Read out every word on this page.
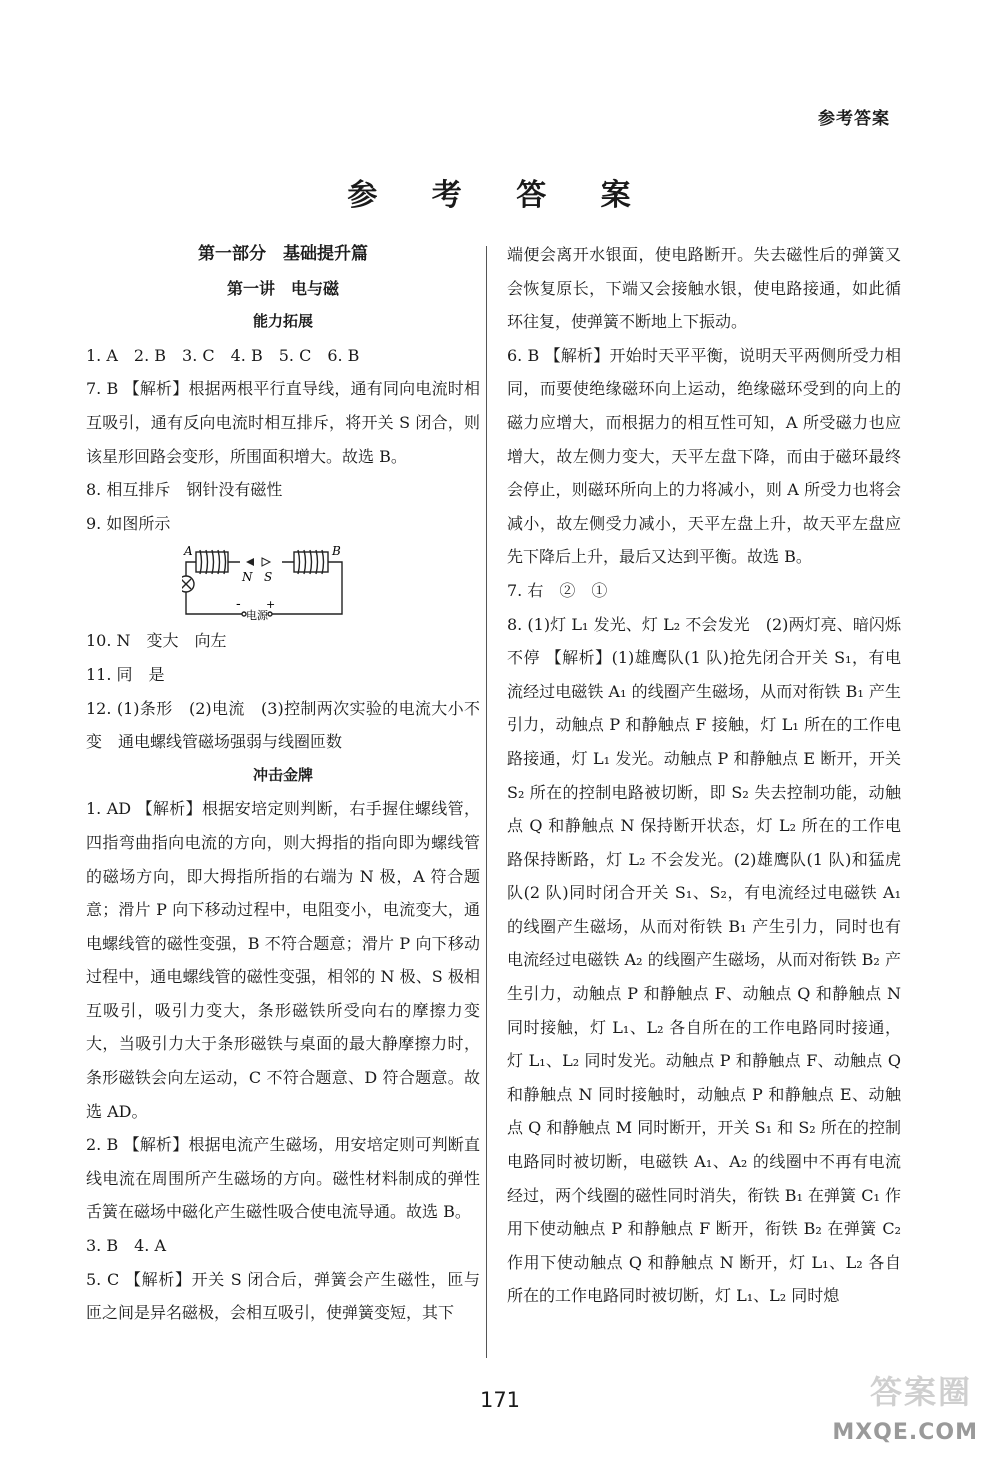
参考答案
参 考 答 案

第一部分　基础提升篇

第一讲　电与磁

能力拓展

1. A　2. B　3. C　4. B　5. C　6. B

7. B 【解析】根据两根平行直导线，通有同向电流时相互吸引，通有反向电流时相互排斥，将开关 S 闭合，则该星形回路会变形，所围面积增大。故选 B。

8. 相互排斥　钢针没有磁性

9. 如图所示

N S
A	B
- +
电源

10. N　变大　向左

11. 同　是

12. (1)条形　(2)电流　(3)控制两次实验的电流大小不变　通电螺线管磁场强弱与线圈匝数

冲击金牌

1. AD 【解析】根据安培定则判断，右手握住螺线管，四指弯曲指向电流的方向，则大拇指的指向即为螺线管的磁场方向，即大拇指所指的右端为 N 极，A 符合题意；滑片 P 向下移动过程中，电阻变小，电流变大，通电螺线管的磁性变强，B 不符合题意；滑片 P 向下移动过程中，通电螺线管的磁性变强，相邻的 N 极、S 极相互吸引，吸引力变大，条形磁铁所受向右的摩擦力变大，当吸引力大于条形磁铁与桌面的最大静摩擦力时，条形磁铁会向左运动，C 不符合题意、D 符合题意。故选 AD。

2. B 【解析】根据电流产生磁场，用安培定则可判断直线电流在周围所产生磁场的方向。磁性材料制成的弹性舌簧在磁场中磁化产生磁性吸合使电流导通。故选 B。

3. B　4. A

5. C 【解析】开关 S 闭合后，弹簧会产生磁性，匝与匝之间是异名磁极，会相互吸引，使弹簧变短，其下

端便会离开水银面，使电路断开。失去磁性后的弹簧又会恢复原长，下端又会接触水银，使电路接通，如此循环往复，使弹簧不断地上下振动。

6. B 【解析】开始时天平平衡，说明天平两侧所受力相同，而要使绝缘磁环向上运动，绝缘磁环受到的向上的磁力应增大，而根据力的相互性可知，A 所受磁力也应增大，故左侧力变大，天平左盘下降，而由于磁环最终会停止，则磁环所向上的力将减小，则 A 所受力也将会减小，故左侧受力减小，天平左盘上升，故天平左盘应先下降后上升，最后又达到平衡。故选 B。

7. 右　②　①

8. (1)灯 L₁ 发光、灯 L₂ 不会发光　(2)两灯亮、暗闪烁不停 【解析】(1)雄鹰队(1 队)抢先闭合开关 S₁，有电流经过电磁铁 A₁ 的线圈产生磁场，从而对衔铁 B₁ 产生引力，动触点 P 和静触点 F 接触，灯 L₁ 所在的工作电路接通，灯 L₁ 发光。动触点 P 和静触点 E 断开，开关 S₂ 所在的控制电路被切断，即 S₂ 失去控制功能，动触点 Q 和静触点 N 保持断开状态，灯 L₂ 所在的工作电路保持断路，灯 L₂ 不会发光。(2)雄鹰队(1 队)和猛虎队(2 队)同时闭合开关 S₁、S₂，有电流经过电磁铁 A₁ 的线圈产生磁场，从而对衔铁 B₁ 产生引力，同时也有电流经过电磁铁 A₂ 的线圈产生磁场，从而对衔铁 B₂ 产生引力，动触点 P 和静触点 F、动触点 Q 和静触点 N 同时接触，灯 L₁、L₂ 各自所在的工作电路同时接通，灯 L₁、L₂ 同时发光。动触点 P 和静触点 F、动触点 Q 和静触点 N 同时接触时，动触点 P 和静触点 E、动触点 Q 和静触点 M 同时断开，开关 S₁ 和 S₂ 所在的控制电路同时被切断，电磁铁 A₁、A₂ 的线圈中不再有电流经过，两个线圈的磁性同时消失，衔铁 B₁ 在弹簧 C₁ 作用下使动触点 P 和静触点 F 断开，衔铁 B₂ 在弹簧 C₂ 作用下使动触点 Q 和静触点 N 断开，灯 L₁、L₂ 各自所在的工作电路同时被切断，灯 L₁、L₂ 同时熄

171	答案圈
MXQE.COM
